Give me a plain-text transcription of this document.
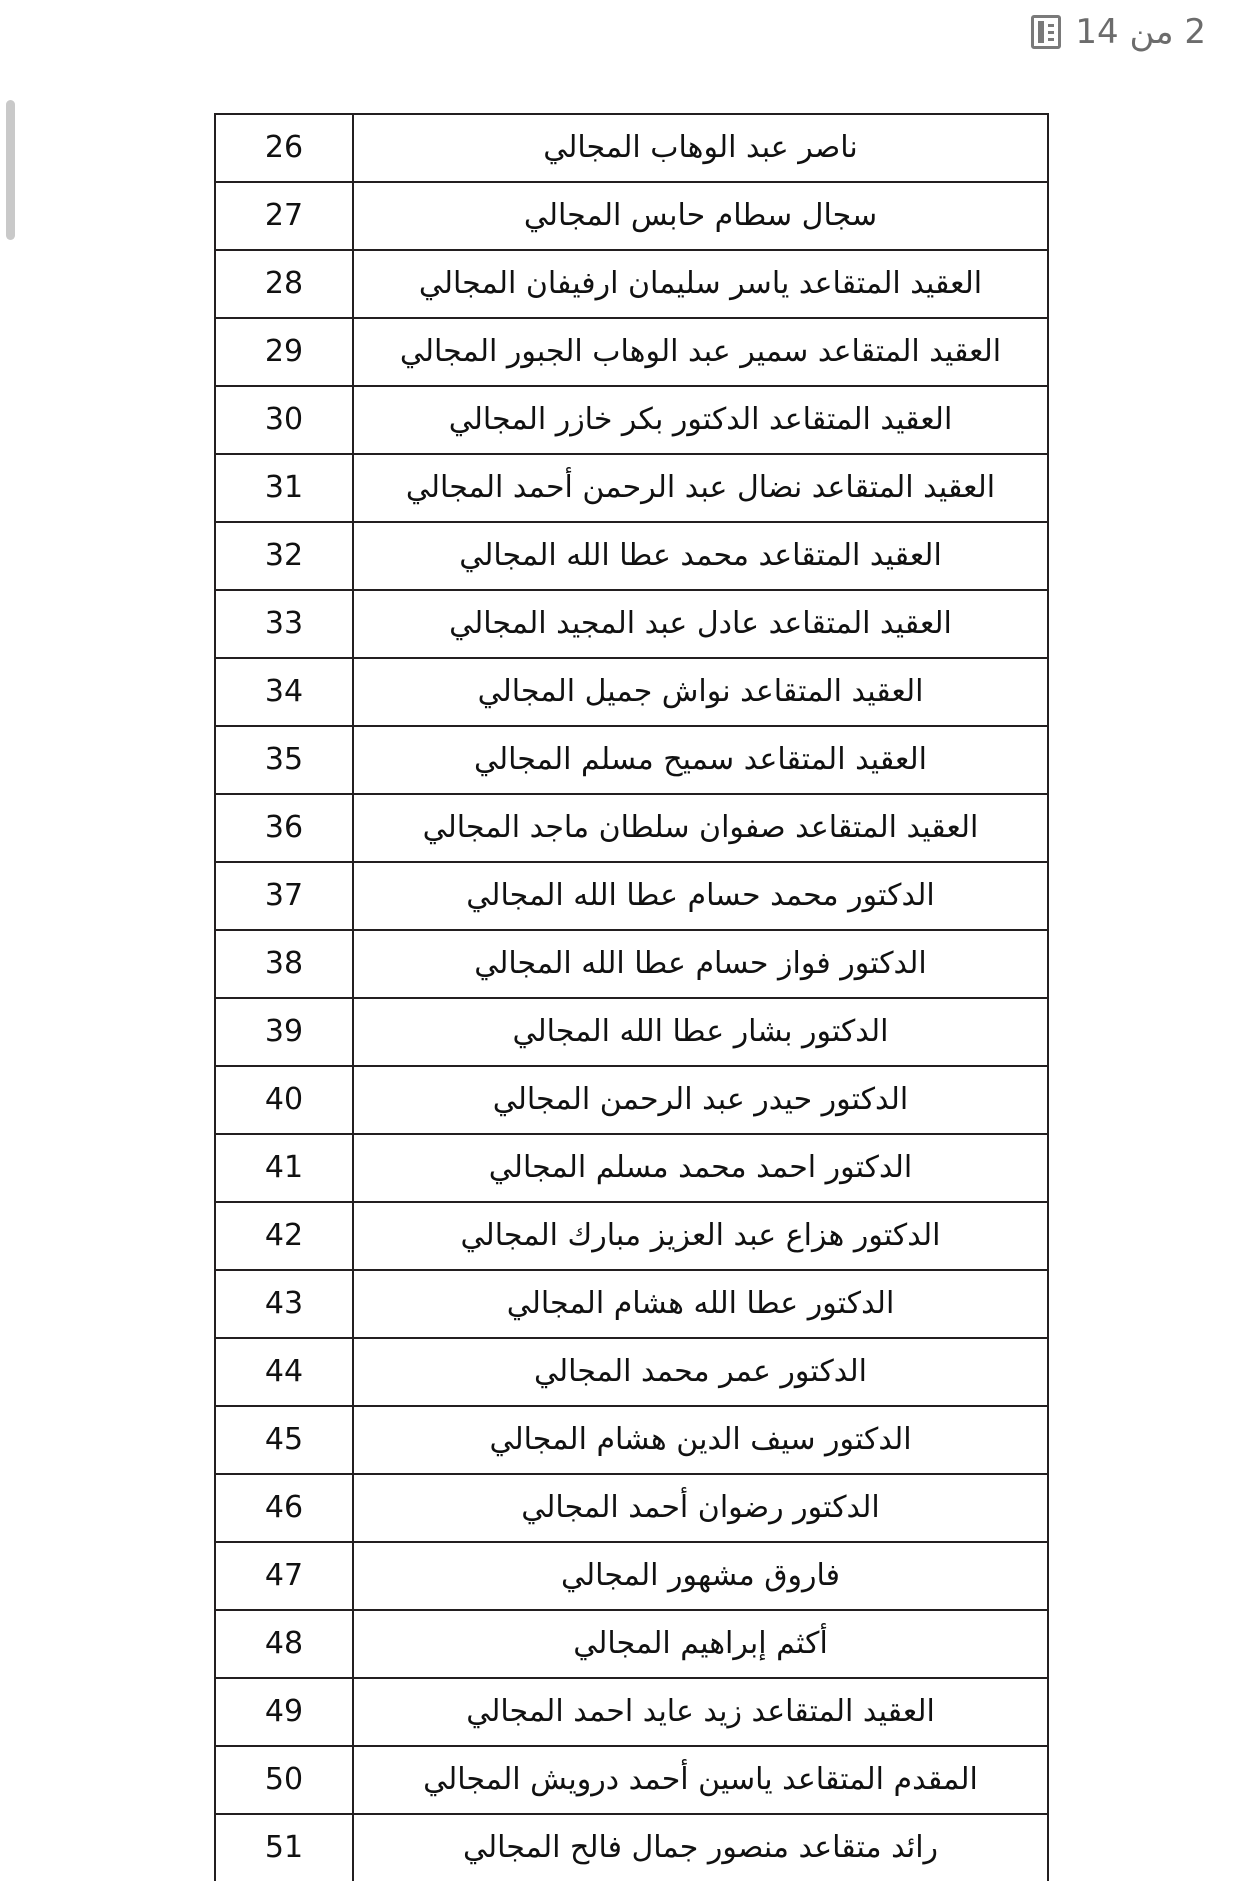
ناصر عبد الوهاب المجالي	26
سجال سطام حابس المجالي	27
العقيد المتقاعد ياسر سليمان ارفيفان المجالي	28
العقيد المتقاعد سمير عبد الوهاب الجبور المجالي	29
العقيد المتقاعد الدكتور بكر خازر المجالي	30
العقيد المتقاعد نضال عبد الرحمن أحمد المجالي	31
العقيد المتقاعد محمد عطا الله المجالي	32
العقيد المتقاعد عادل عبد المجيد المجالي	33
العقيد المتقاعد نواش جميل المجالي	34
العقيد المتقاعد سميح مسلم المجالي	35
العقيد المتقاعد صفوان سلطان ماجد المجالي	36
الدكتور محمد حسام عطا الله المجالي	37
الدكتور فواز حسام عطا الله المجالي	38
الدكتور بشار عطا الله المجالي	39
الدكتور حيدر عبد الرحمن المجالي	40
الدكتور احمد محمد مسلم المجالي	41
الدكتور هزاع عبد العزيز مبارك المجالي	42
الدكتور عطا الله هشام المجالي	43
الدكتور عمر محمد المجالي	44
الدكتور سيف الدين هشام المجالي	45
الدكتور رضوان أحمد المجالي	46
فاروق مشهور المجالي	47
أكثم إبراهيم المجالي	48
العقيد المتقاعد زيد عايد احمد المجالي	49
المقدم المتقاعد ياسين أحمد درويش المجالي	50
رائد متقاعد منصور جمال فالح المجالي	51
2 من 14
